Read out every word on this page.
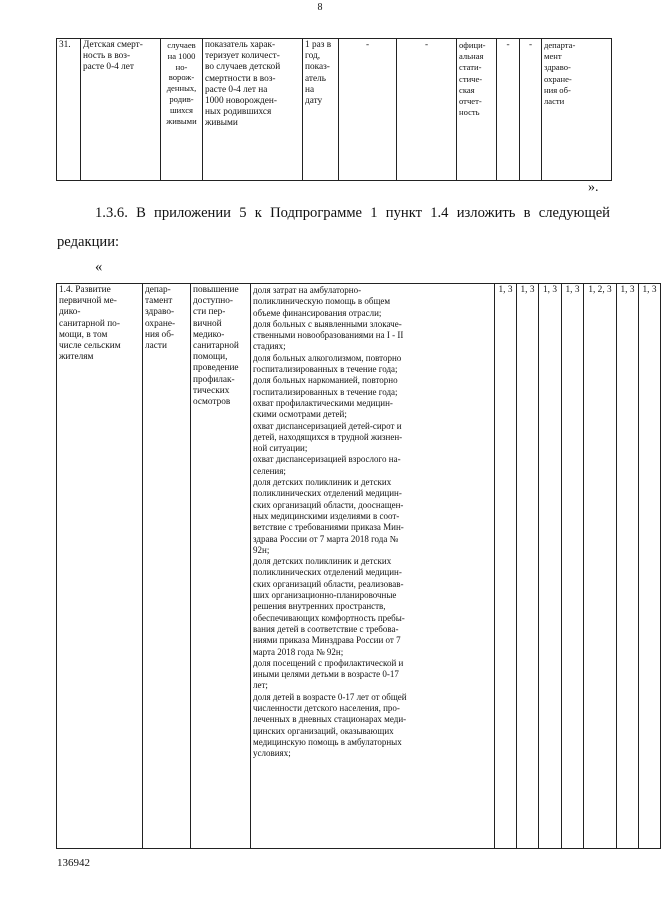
8
31.	Детская смерт-
ность в воз-
расте 0-4 лет	случаев
на 1000
но-
ворож-
денных,
родив-
шихся
живыми	показатель харак-
теризует количест-
во случаев детской
смертности в воз-
расте 0-4 лет на
1000 новорожден-
ных родившихся
живыми	1 раз в
год,
показ-
атель
на
дату	-	-	офици-
альная
стати-
стиче-
ская
отчет-
ность	-	-	департа-
мент
здраво-
охране-
ния об-
ласти
».
1.3.6. В приложении 5 к Подпрограмме 1 пункт 1.4 изложить в следующей
редакции:
«
1.4. Развитие
первичной ме-
дико-
санитарной по-
мощи, в том
числе сельским
жителям	депар-
тамент
здраво-
охране-
ния об-
ласти	повышение
доступно-
сти пер-
вичной
медико-
санитарной
помощи,
проведение
профилак-
тических
осмотров	
доля затрат на амбулаторно-
поликлиническую помощь в общем
объеме финансирования отрасли;
доля больных с выявленными злокаче-
ственными новообразованиями на I - II
стадиях;
доля больных алкоголизмом, повторно
госпитализированных в течение года;
доля больных наркоманией, повторно
госпитализированных в течение года;
охват профилактическими медицин-
скими осмотрами детей;
охват диспансеризацией детей-сирот и
детей, находящихся в трудной жизнен-
ной ситуации;
охват диспансеризацией взрослого на-
селения;
доля детских поликлиник и детских
поликлинических отделений медицин-
ских организаций области, дооснащен-
ных медицинскими изделиями в соот-
ветствие с требованиями приказа Мин-
здрава России от 7 марта 2018 года №
92н;
доля детских поликлиник и детских
поликлинических отделений медицин-
ских организаций области, реализовав-
ших организационно-планировочные
решения внутренних пространств,
обеспечивающих комфортность пребы-
вания детей в соответствие с требова-
ниями приказа Минздрава России от 7
марта 2018 года № 92н;
доля посещений с профилактической и
иными целями детьми в возрасте 0-17
лет;
доля детей в возрасте 0-17 лет от общей
численности детского населения, про-
леченных в дневных стационарах меди-
цинских организаций, оказывающих
медицинскую помощь в амбулаторных
условиях;
	1, 3	1, 3	1, 3	1, 3	1, 2, 3	1, 3	1, 3
136942
